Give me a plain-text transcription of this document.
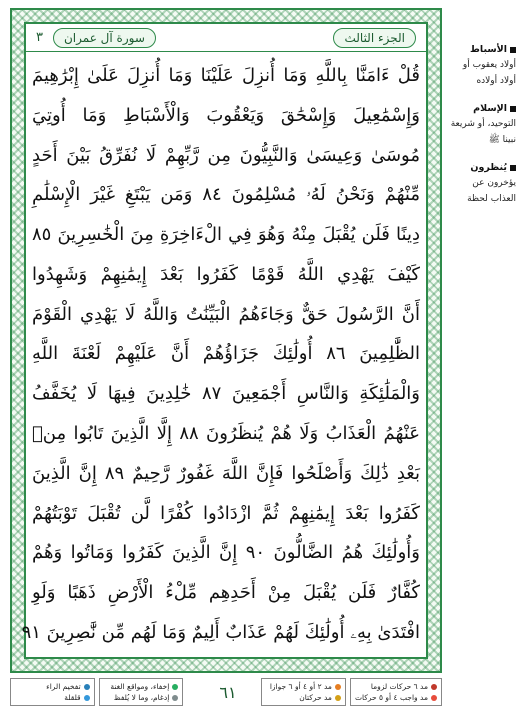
الجزء الثالث
سورة آل عمران
٣
قُلْ ءَامَنَّا بِاللَّهِ وَمَا أُنزِلَ عَلَيْنَا وَمَا أُنزِلَ عَلَىٰ إِبْرَٰهِيمَ
وَإِسْمَٰعِيلَ وَإِسْحَٰقَ وَيَعْقُوبَ وَالْأَسْبَاطِ وَمَا أُوتِيَ
مُوسَىٰ وَعِيسَىٰ وَالنَّبِيُّونَ مِن رَّبِّهِمْ لَا نُفَرِّقُ بَيْنَ أَحَدٍ
مِّنْهُمْ وَنَحْنُ لَهُۥ مُسْلِمُونَ ٨٤ وَمَن يَبْتَغِ غَيْرَ الْإِسْلَٰمِ
دِينًا فَلَن يُقْبَلَ مِنْهُ وَهُوَ فِي الْءَاخِرَةِ مِنَ الْخَٰسِرِينَ ٨٥
كَيْفَ يَهْدِي اللَّهُ قَوْمًا كَفَرُوا بَعْدَ إِيمَٰنِهِمْ وَشَهِدُوا
أَنَّ الرَّسُولَ حَقٌّ وَجَاءَهُمُ الْبَيِّنَٰتُ وَاللَّهُ لَا يَهْدِي الْقَوْمَ
الظَّٰلِمِينَ ٨٦ أُولَٰئِكَ جَزَاؤُهُمْ أَنَّ عَلَيْهِمْ لَعْنَةَ اللَّهِ
وَالْمَلَٰئِكَةِ وَالنَّاسِ أَجْمَعِينَ ٨٧ خَٰلِدِينَ فِيهَا لَا يُخَفَّفُ
عَنْهُمُ الْعَذَابُ وَلَا هُمْ يُنظَرُونَ ٨٨ إِلَّا الَّذِينَ تَابُوا مِنۢ
بَعْدِ ذَٰلِكَ وَأَصْلَحُوا فَإِنَّ اللَّهَ غَفُورٌ رَّحِيمٌ ٨٩ إِنَّ الَّذِينَ
كَفَرُوا بَعْدَ إِيمَٰنِهِمْ ثُمَّ ازْدَادُوا كُفْرًا لَّن تُقْبَلَ تَوْبَتُهُمْ
وَأُولَٰئِكَ هُمُ الضَّالُّونَ ٩٠ إِنَّ الَّذِينَ كَفَرُوا وَمَاتُوا وَهُمْ
كُفَّارٌ فَلَن يُقْبَلَ مِنْ أَحَدِهِم مِّلْءُ الْأَرْضِ ذَهَبًا وَلَوِ
افْتَدَىٰ بِهِۦ أُولَٰئِكَ لَهُمْ عَذَابٌ أَلِيمٌ وَمَا لَهُم مِّن نَّٰصِرِينَ ٩١
الأسباط
أولاد يعقوب أو أولاد أولاده
الإسلام
التوحيد، أو شريعة نبينا ﷺ
يُنظرون
يؤخرون عن العذاب لحظة
مد ٦ حركات لزوما
مد واجب ٤ أو ٥ حركات
مد ٢ أو ٤ أو ٦ جوازا
مد حركتان
إخفاء، ومواقع الغنة
إدغام، وما لا يُلفظ
تفخيم الراء
قلقلة	٦١
